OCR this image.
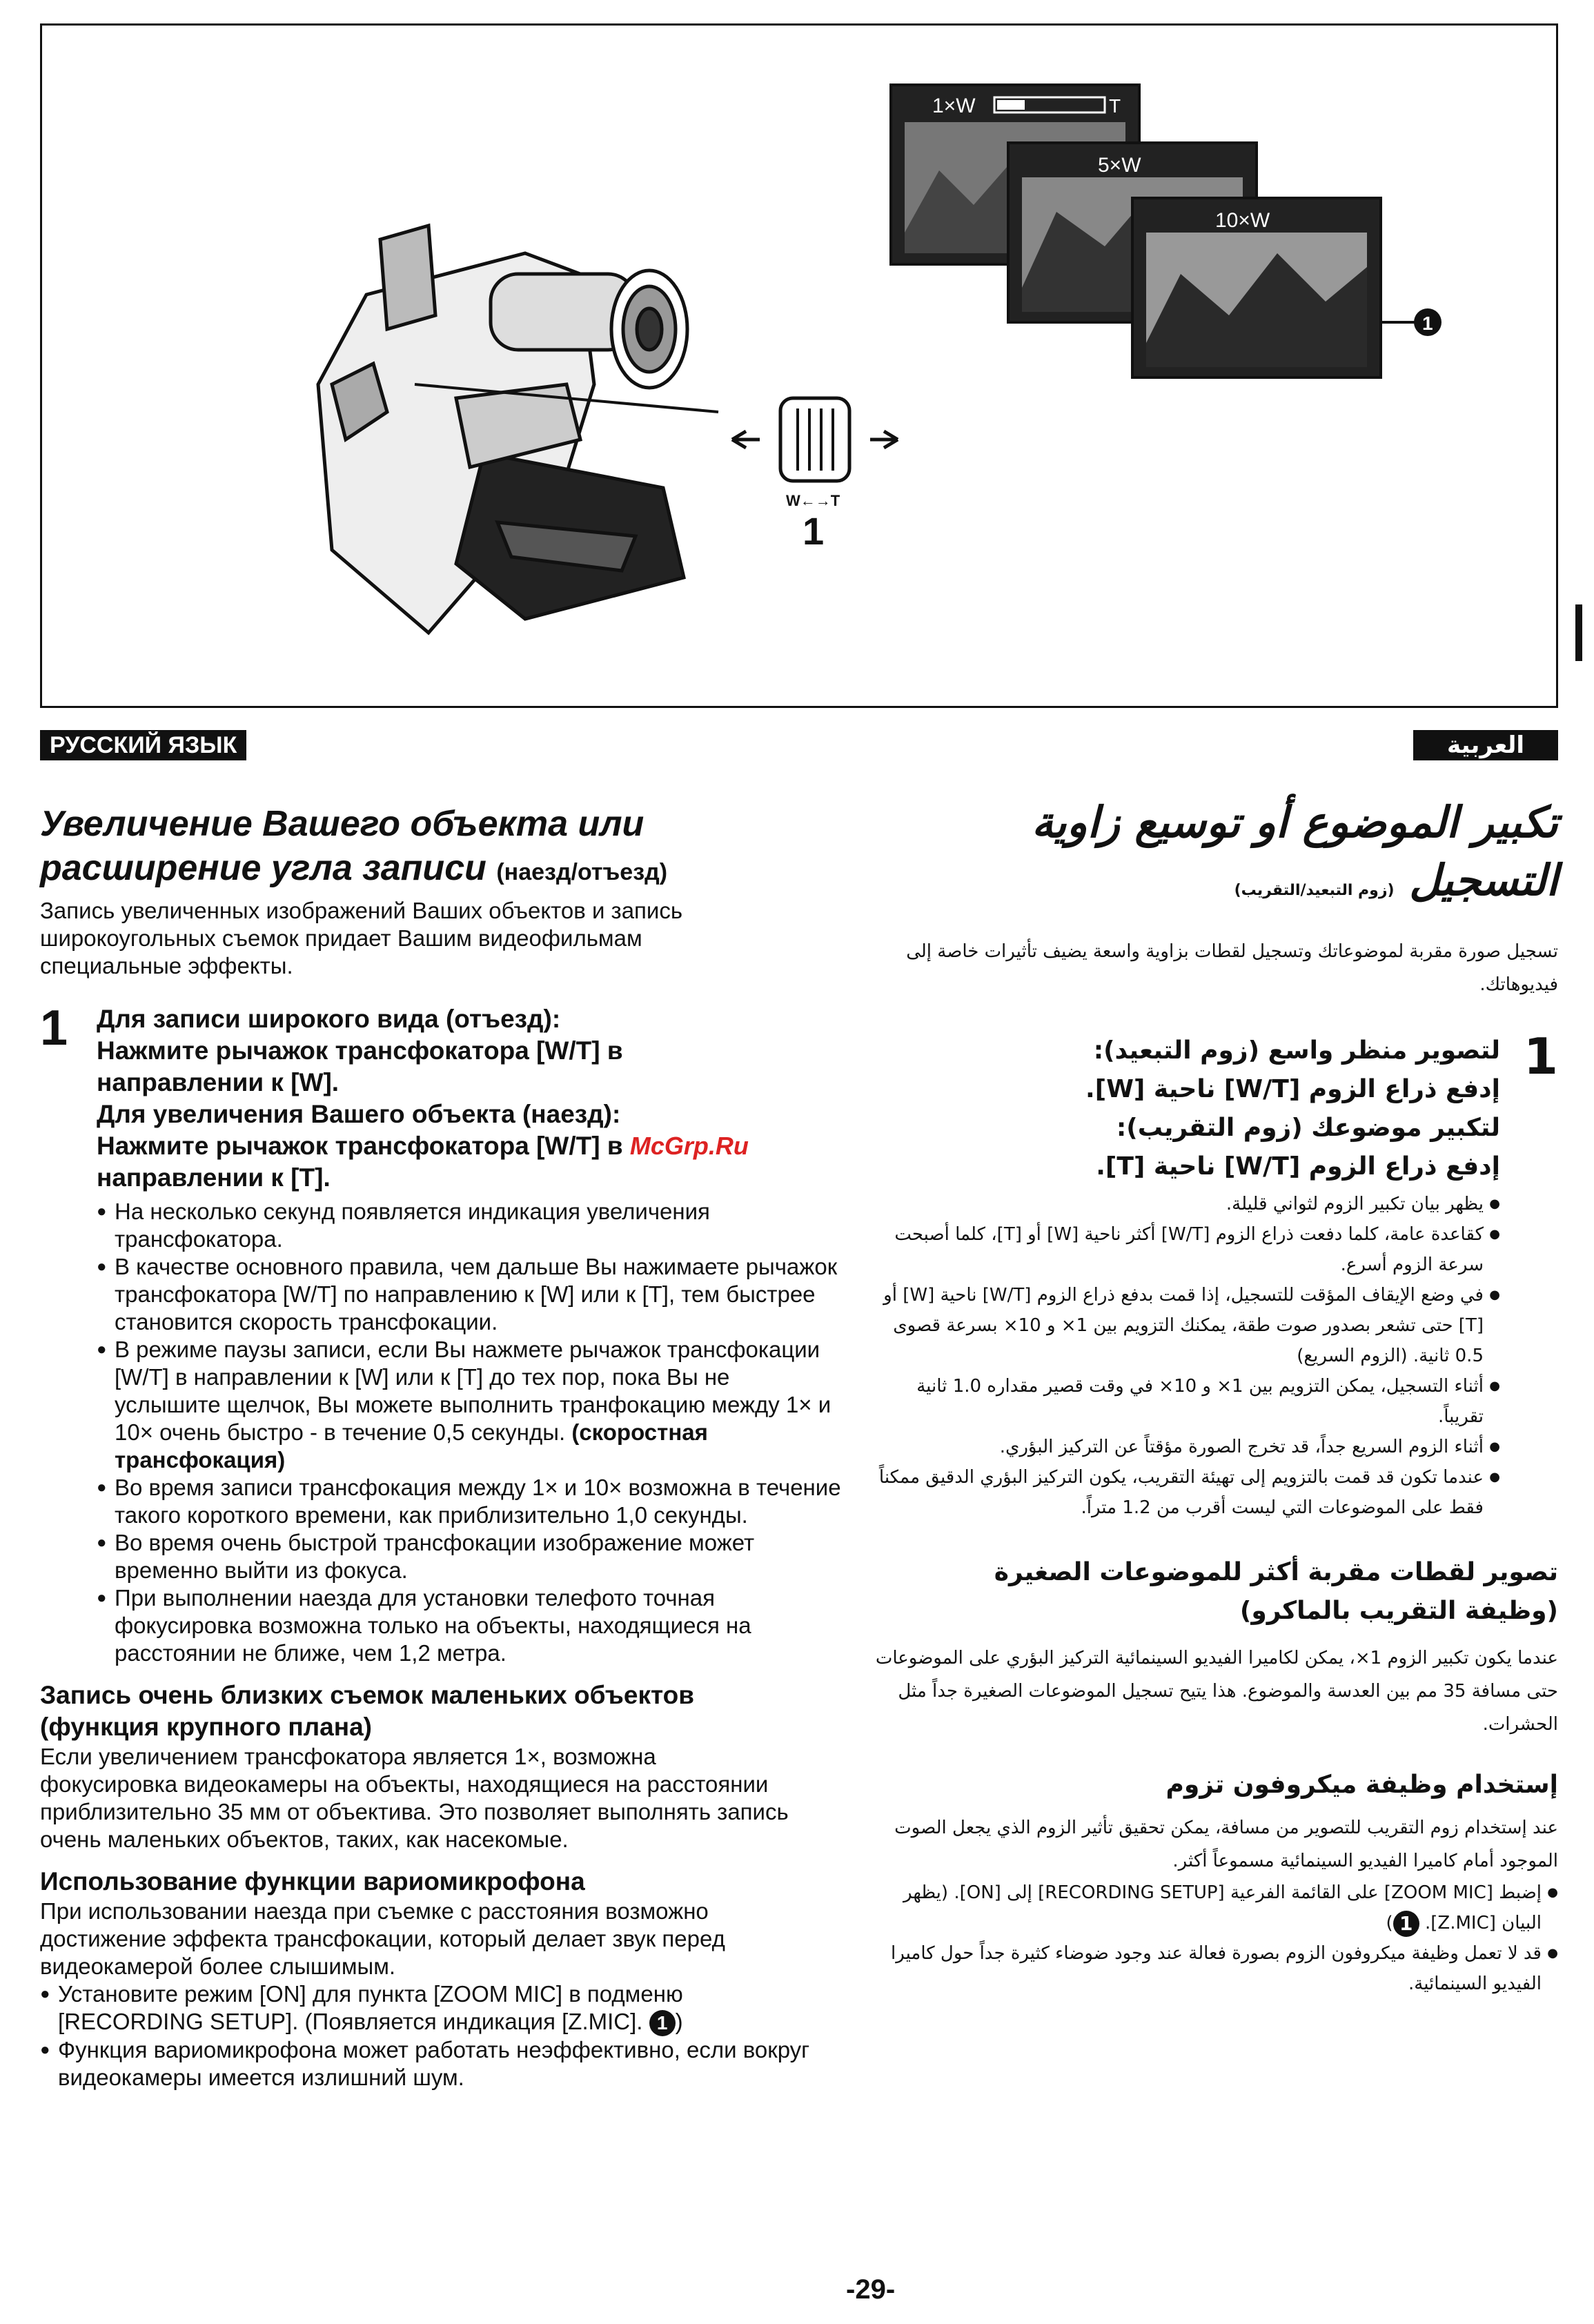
1×W	T
5×W
10×W
1
W←→T
1
РУССКИЙ ЯЗЫК
Увеличение Вашего объекта или
расширение угла записи (наезд/отъезд)
Запись увеличенных изображений Ваших объектов и запись широкоугольных съемок придает Вашим видеофильмам специальные эффекты.
1 Для записи широкого вида (отъезд):
Нажмите рычажок трансфокатора [W/T] в
направлении к [W].
Для увеличения Вашего объекта (наезд):
Нажмите рычажок трансфокатора [W/T] в McGrp.Ru
направлении к [T].
● На несколько секунд появляется индикация увеличения трансфокатора.
● В качестве основного правила, чем дальше Вы нажимаете рычажок трансфокатора [W/T] по направлению к [W] или к [T], тем быстрее становится скорость трансфокации.
● В режиме паузы записи, если Вы нажмете рычажок трансфокации [W/T] в направлении к [W] или к [T] до тех пор, пока Вы не услышите щелчок, Вы можете выполнить транфокацию между 1× и 10× очень быстро - в течение 0,5 секунды. (скоростная трансфокация)
● Во время записи трансфокация между 1× и 10× возможна в течение такого короткого времени, как приблизительно 1,0 секунды.
● Во время очень быстрой трансфокации изображение может временно выйти из фокуса.
● При выполнении наезда для установки телефото точная фокусировка возможна только на объекты, находящиеся на расстоянии не ближе, чем 1,2 метра.
Запись очень близких съемок маленьких объектов
(функция крупного плана)
Если увеличением трансфокатора является 1×, возможна фокусировка видеокамеры на объекты, находящиеся на расстоянии приблизительно 35 мм от объектива. Это позволяет выполнять запись очень маленьких объектов, таких, как насекомые.
Использование функции вариомикрофона
При использовании наезда при съемке с расстояния возможно достижение эффекта трансфокации, который делает звук перед видеокамерой более слышимым.
● Установите режим [ON] для пункта [ZOOM MIC] в подменю [RECORDING SETUP]. (Появляется индикация [Z.MIC]. 1 )
● Функция вариомикрофона может работать неэффективно, если вокруг видеокамеры имеется излишний шум.
العربية
تكبير الموضوع أو توسيع زاوية
التسجيل (زوم التبعيد/التقريب)
تسجيل صورة مقربة لموضوعاتك وتسجيل لقطات بزاوية واسعة يضيف تأثيرات خاصة إلى فيديوهاتك.
1
لتصوير منظر واسع (زوم التبعيد):
إدفع ذراع الزوم [W/T] ناحية [W].
لتكبير موضوعك (زوم التقريب):
إدفع ذراع الزوم [W/T] ناحية [T].
● يظهر بيان تكبير الزوم لثواني قليلة.
● كقاعدة عامة، كلما دفعت ذراع الزوم [W/T] أكثر ناحية [W] أو [T]، كلما أصبحت سرعة الزوم أسرع.
● في وضع الإيقاف المؤقت للتسجيل، إذا قمت بدفع ذراع الزوم [W/T] ناحية [W] أو [T] حتى تشعر بصدور صوت طقة، يمكنك التزويم بين 1× و 10× بسرعة قصوى 0.5 ثانية. (الزوم السريع)
● أثناء التسجيل، يمكن التزويم بين 1× و 10× في وقت قصير مقداره 1.0 ثانية تقريباً.
● أثناء الزوم السريع جداً، قد تخرج الصورة مؤقتاً عن التركيز البؤري.
● عندما تكون قد قمت بالتزويم إلى تهيئة التقريب، يكون التركيز البؤري الدقيق ممكناً فقط على الموضوعات التي ليست أقرب من 1.2 متراً.
تصوير لقطات مقربة أكثر للموضوعات الصغيرة
(وظيفة التقريب بالماكرو)
عندما يكون تكبير الزوم 1×، يمكن لكاميرا الفيديو السينمائية التركيز البؤري على الموضوعات حتى مسافة 35 مم بين العدسة والموضوع. هذا يتيح تسجيل الموضوعات الصغيرة جداً مثل الحشرات.
إستخدام وظيفة ميكروفون تزوم
عند إستخدام زوم التقريب للتصوير من مسافة، يمكن تحقيق تأثير الزوم الذي يجعل الصوت الموجود أمام كاميرا الفيديو السينمائية مسموعاً أكثر.
● إضبط [ZOOM MIC] على القائمة الفرعية [RECORDING SETUP] إلى [ON]. (يظهر البيان [Z.MIC]. 1)
● قد لا تعمل وظيفة ميكروفون الزوم بصورة فعالة عند وجود ضوضاء كثيرة جداً حول كاميرا الفيديو السينمائية.
-29-
